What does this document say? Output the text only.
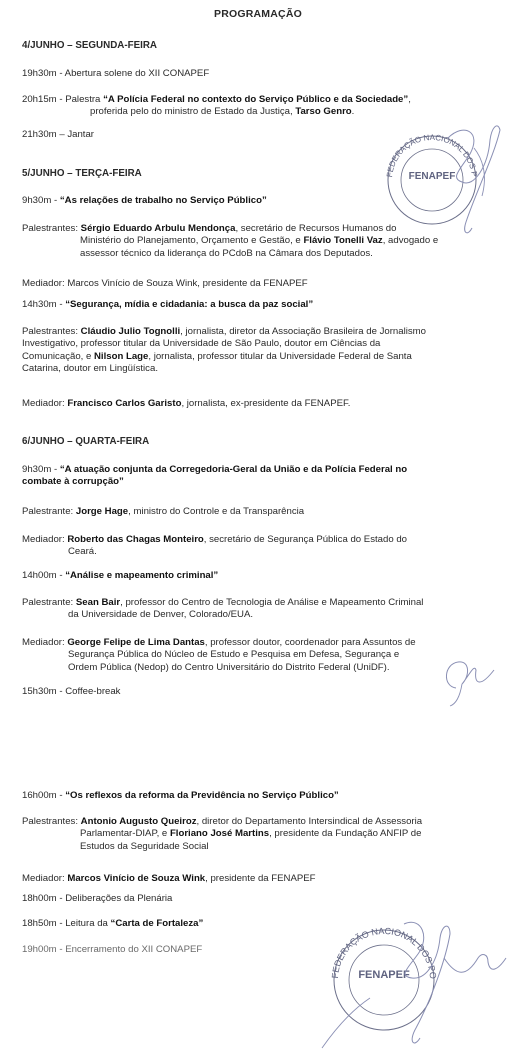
PROGRAMAÇÃO
4/JUNHO – SEGUNDA-FEIRA
19h30m - Abertura solene do XII CONAPEF
20h15m - Palestra “A Polícia Federal no contexto do Serviço Público e da Sociedade”,
proferida pelo do ministro de Estado da Justiça, Tarso Genro.
21h30m – Jantar
5/JUNHO – TERÇA-FEIRA
9h30m - “As relações de trabalho no Serviço Público”
Palestrantes: Sérgio Eduardo Arbulu Mendonça, secretário de Recursos Humanos do
Ministério do Planejamento, Orçamento e Gestão, e Flávio Tonelli Vaz, advogado e
assessor técnico da liderança do PCdoB na Câmara dos Deputados.
Mediador: Marcos Vinício de Souza Wink, presidente da FENAPEF
14h30m - “Segurança, mídia e cidadania: a busca da paz social”
Palestrantes: Cláudio Julio Tognolli, jornalista, diretor da Associação Brasileira de Jornalismo
Investigativo, professor titular da Universidade de São Paulo, doutor em Ciências da
Comunicação, e Nilson Lage, jornalista, professor titular da Universidade Federal de Santa
Catarina, doutor em Lingüística.
Mediador: Francisco Carlos Garisto, jornalista, ex-presidente da FENAPEF.
6/JUNHO – QUARTA-FEIRA
9h30m - “A atuação conjunta da Corregedoria-Geral da União e da Polícia Federal no
combate à corrupção”
Palestrante: Jorge Hage, ministro do Controle e da Transparência
Mediador: Roberto das Chagas Monteiro, secretário de Segurança Pública do Estado do
Ceará.
14h00m - “Análise e mapeamento criminal”
Palestrante: Sean Bair, professor do Centro de Tecnologia de Análise e Mapeamento Criminal
da Universidade de Denver, Colorado/EUA.
Mediador: George Felipe de Lima Dantas, professor doutor, coordenador para Assuntos de
Segurança Pública do Núcleo de Estudo e Pesquisa em Defesa, Segurança e
Ordem Pública (Nedop) do Centro Universitário do Distrito Federal (UniDF).
15h30m - Coffee-break
16h00m - “Os reflexos da reforma da Previdência no Serviço Público”
Palestrantes: Antonio Augusto Queiroz, diretor do Departamento Intersindical de Assessoria
Parlamentar-DIAP, e Floriano José Martins, presidente da Fundação ANFIP de
Estudos da Seguridade Social
Mediador: Marcos Vinício de Souza Wink, presidente da FENAPEF
18h00m - Deliberações da Plenária
18h50m - Leitura da “Carta de Fortaleza”
19h00m - Encerramento do XII CONAPEF
FEDERAÇÃO NACIONAL DOS POLICIAIS FEDERAIS
FENAPEF
FEDERAÇÃO NACIONAL DOS POLICIAIS FEDERAIS
FENAPEF
